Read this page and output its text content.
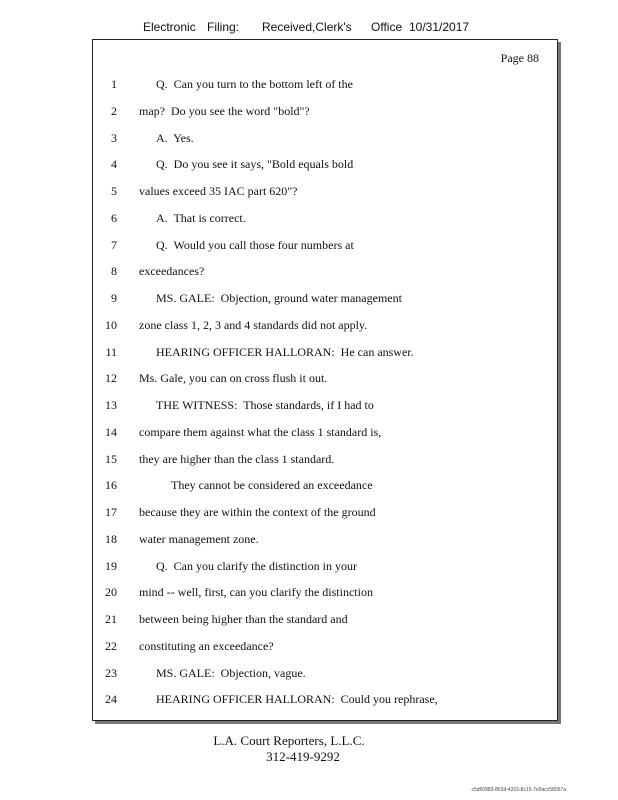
Electronic Filing: Received,Clerk's Office 10/31/2017
Page 88
1	Q.  Can you turn to the bottom left of the
2 map?  Do you see the word "bold"?
3	A.  Yes.
4	Q.  Do you see it says, "Bold equals bold
5 values exceed 35 IAC part 620"?
6	A.  That is correct.
7	Q.  Would you call those four numbers at
8 exceedances?
9	MS. GALE:  Objection, ground water management
10 zone class 1, 2, 3 and 4 standards did not apply.
11	HEARING OFFICER HALLORAN:  He can answer.
12 Ms. Gale, you can on cross flush it out.
13	THE WITNESS:  Those standards, if I had to
14 compare them against what the class 1 standard is,
15 they are higher than the class 1 standard.
16	They cannot be considered an exceedance
17 because they are within the context of the ground
18 water management zone.
19	Q.  Can you clarify the distinction in your
20 mind -- well, first, can you clarify the distinction
21 between being higher than the standard and
22 constituting an exceedance?
23	MS. GALE:  Objection, vague.
24	HEARING OFFICER HALLORAN:  Could you rephrase,
L.A. Court Reporters, L.L.C.
312-419-9292
c5d60983-863d-4315-8c15-7e5acc58057a
